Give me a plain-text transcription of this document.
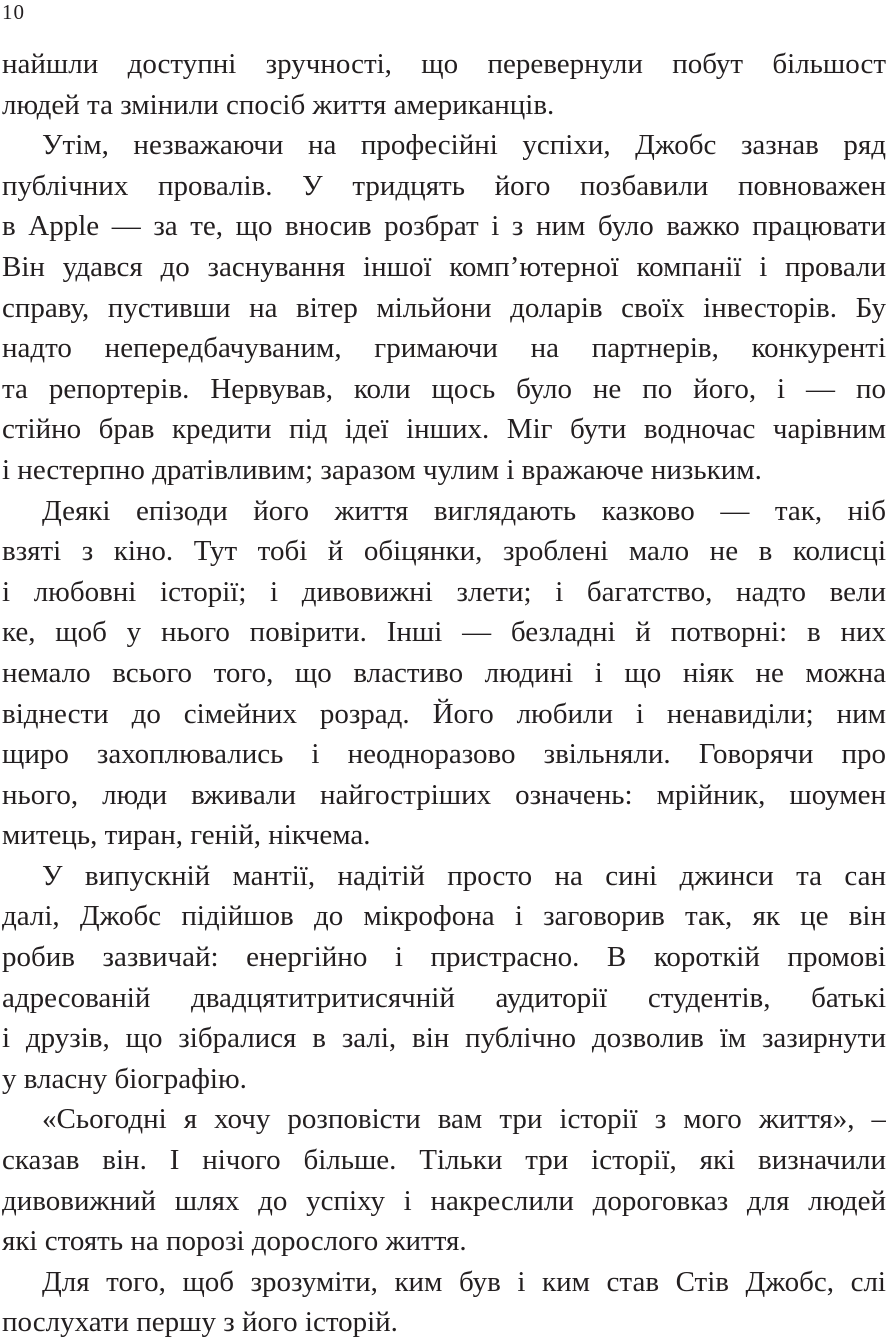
10
найшли доступні зручності, що перевернули побут більшост
людей та змінили спосіб життя американців.
Утім, незважаючи на професійні успіхи, Джобс зазнав ряд
публічних провалів. У тридцять його позбавили повноважен
в Apple — за те, що вносив розбрат і з ним було важко працювати
Він удався до заснування іншої комп’ютерної компанії і провали
справу, пустивши на вітер мільйони доларів своїх інвесторів. Бу
надто непередбачуваним, гримаючи на партнерів, конкуренті
та репортерів. Нервував, коли щось було не по його, і — по
стійно брав кредити під ідеї інших. Міг бути водночас чарівним
і нестерпно дратівливим; заразом чулим і вражаюче низьким.
Деякі епізоди його життя виглядають казково — так, ніб
взяті з кіно. Тут тобі й обіцянки, зроблені мало не в колисці
і любовні історії; і дивовижні злети; і багатство, надто вели
ке, щоб у нього повірити. Інші — безладні й потворні: в них
немало всього того, що властиво людині і що ніяк не можна
віднести до сімейних розрад. Його любили і ненавиділи; ним
щиро захоплювались і неодноразово звільняли. Говорячи про
нього, люди вживали найгостріших означень: мрійник, шоумен
митець, тиран, геній, нікчема.
У випускній мантії, надітій просто на сині джинси та сан
далі, Джобс підійшов до мікрофона і заговорив так, як це він
робив зазвичай: енергійно і пристрасно. В короткій промові
адресованій двадцятитритисячній аудиторії студентів, батькі
і друзів, що зібралися в залі, він публічно дозволив їм зазирнути
у власну біографію.
«Сьогодні я хочу розповісти вам три історії з мого життя», –
сказав він. І нічого більше. Тільки три історії, які визначили
дивовижний шлях до успіху і накреслили дороговказ для людей
які стоять на порозі дорослого життя.
Для того, щоб зрозуміти, ким був і ким став Стів Джобс, слі
послухати першу з його історій.
